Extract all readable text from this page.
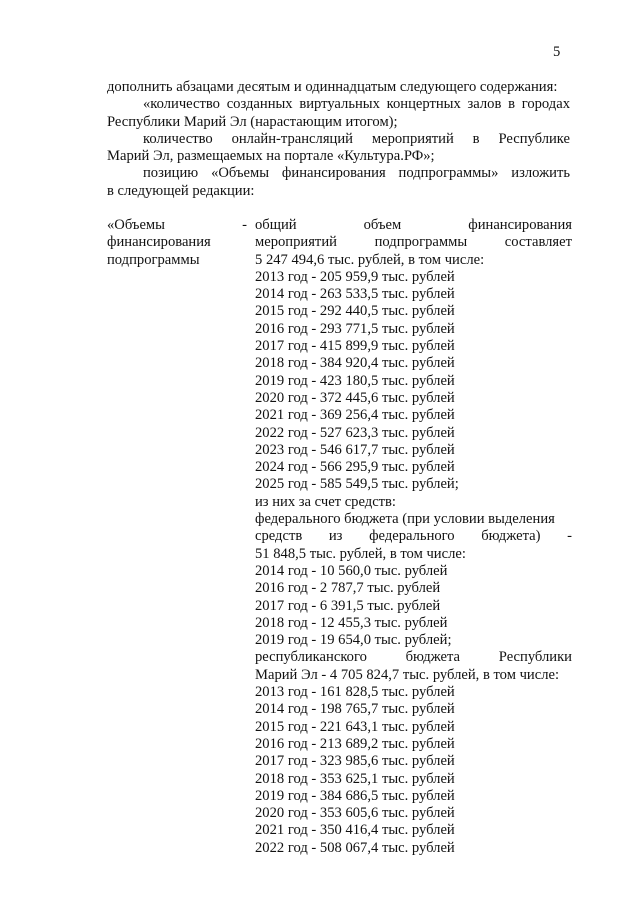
5

дополнить абзацами десятым и одиннадцатым следующего содержания:

«количество созданных виртуальных концертных залов в городах

Республики Марий Эл (нарастающим итогом);

количество онлайн-трансляций мероприятий в Республике

Марий Эл, размещаемых на портале «Культура.РФ»;

позицию «Объемы финансирования подпрограммы» изложить

в следующей редакции:

«Объемы	-
финансирования
подпрограммы
общий объем финансирования
мероприятий подпрограммы составляет
5 247 494,6 тыс. рублей, в том числе:
2013 год - 205 959,9 тыс. рублей
2014 год - 263 533,5 тыс. рублей
2015 год - 292 440,5 тыс. рублей
2016 год - 293 771,5 тыс. рублей
2017 год - 415 899,9 тыс. рублей
2018 год - 384 920,4 тыс. рублей
2019 год - 423 180,5 тыс. рублей
2020 год - 372 445,6 тыс. рублей
2021 год - 369 256,4 тыс. рублей
2022 год - 527 623,3 тыс. рублей
2023 год - 546 617,7 тыс. рублей
2024 год - 566 295,9 тыс. рублей
2025 год - 585 549,5 тыс. рублей;
из них за счет средств:
федерального бюджета (при условии выделения
средств из федерального бюджета) -
51 848,5 тыс. рублей, в том числе:
2014 год - 10 560,0 тыс. рублей
2016 год - 2 787,7 тыс. рублей
2017 год - 6 391,5 тыс. рублей
2018 год - 12 455,3 тыс. рублей
2019 год - 19 654,0 тыс. рублей;
республиканского бюджета Республики
Марий Эл - 4 705 824,7 тыс. рублей, в том числе:
2013 год - 161 828,5 тыс. рублей
2014 год - 198 765,7 тыс. рублей
2015 год - 221 643,1 тыс. рублей
2016 год - 213 689,2 тыс. рублей
2017 год - 323 985,6 тыс. рублей
2018 год - 353 625,1 тыс. рублей
2019 год - 384 686,5 тыс. рублей
2020 год - 353 605,6 тыс. рублей
2021 год - 350 416,4 тыс. рублей
2022 год - 508 067,4 тыс. рублей
